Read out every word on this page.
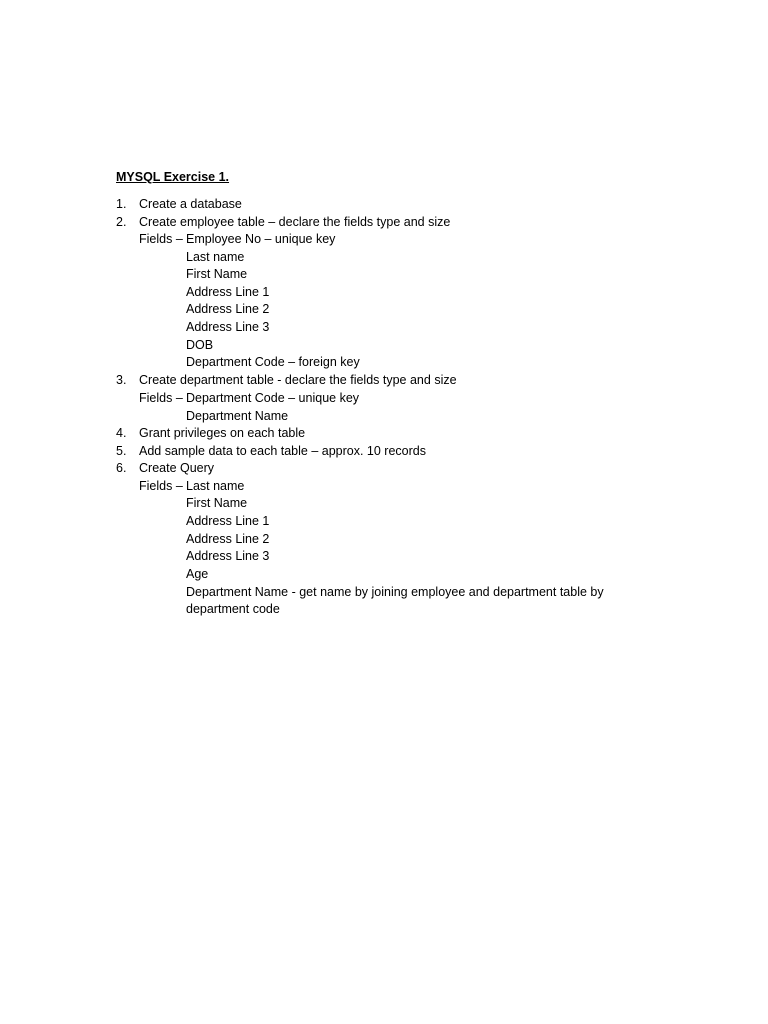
MYSQL Exercise 1.
1. Create a database
2. Create employee table – declare the fields type and size
Fields – Employee No – unique key
Last name
First Name
Address Line 1
Address Line 2
Address Line 3
DOB
Department Code – foreign key
3. Create department table - declare the fields type and size
Fields – Department Code – unique key
Department Name
4. Grant privileges on each table
5. Add sample data to each table – approx. 10 records
6. Create Query
Fields – Last name
First Name
Address Line 1
Address Line 2
Address Line 3
Age
Department Name - get name by joining employee and department table by
department code
